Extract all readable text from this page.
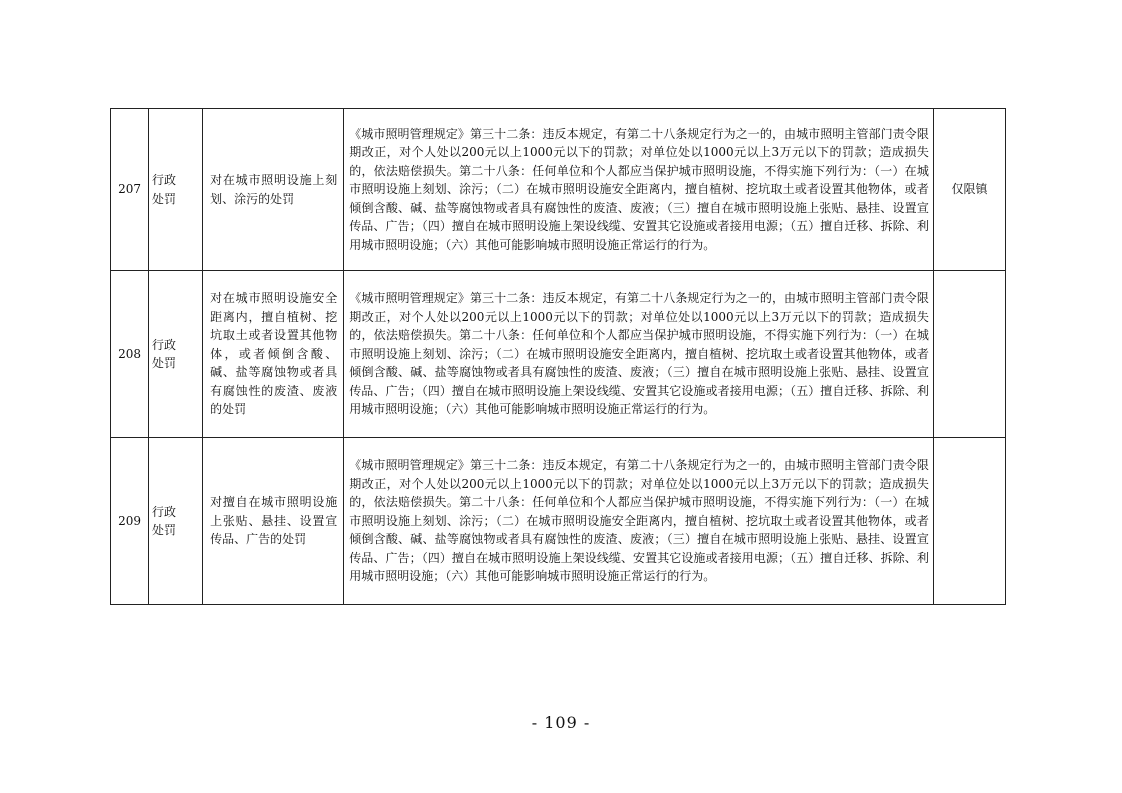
207	行政处罚	对在城市照明设施上刻划、涂污的处罚	《城市照明管理规定》第三十二条：违反本规定，有第二十八条规定行为之一的，由城市照明主管部门责令限期改正，对个人处以200元以上1000元以下的罚款；对单位处以1000元以上3万元以下的罚款；造成损失的，依法赔偿损失。第二十八条：任何单位和个人都应当保护城市照明设施，不得实施下列行为：（一）在城市照明设施上刻划、涂污；（二）在城市照明设施安全距离内，擅自植树、挖坑取土或者设置其他物体，或者倾倒含酸、碱、盐等腐蚀物或者具有腐蚀性的废渣、废液；（三）擅自在城市照明设施上张贴、悬挂、设置宣传品、广告；（四）擅自在城市照明设施上架设线缆、安置其它设施或者接用电源；（五）擅自迁移、拆除、利用城市照明设施；（六）其他可能影响城市照明设施正常运行的行为。	仅限镇

208	行政处罚	对在城市照明设施安全距离内，擅自植树、挖坑取土或者设置其他物体，或者倾倒含酸、碱、盐等腐蚀物或者具有腐蚀性的废渣、废液的处罚	《城市照明管理规定》第三十二条：违反本规定，有第二十八条规定行为之一的，由城市照明主管部门责令限期改正，对个人处以200元以上1000元以下的罚款；对单位处以1000元以上3万元以下的罚款；造成损失的，依法赔偿损失。第二十八条：任何单位和个人都应当保护城市照明设施，不得实施下列行为：（一）在城市照明设施上刻划、涂污；（二）在城市照明设施安全距离内，擅自植树、挖坑取土或者设置其他物体，或者倾倒含酸、碱、盐等腐蚀物或者具有腐蚀性的废渣、废液；（三）擅自在城市照明设施上张贴、悬挂、设置宣传品、广告；（四）擅自在城市照明设施上架设线缆、安置其它设施或者接用电源；（五）擅自迁移、拆除、利用城市照明设施；（六）其他可能影响城市照明设施正常运行的行为。	

209	行政处罚	对擅自在城市照明设施上张贴、悬挂、设置宣传品、广告的处罚	《城市照明管理规定》第三十二条：违反本规定，有第二十八条规定行为之一的，由城市照明主管部门责令限期改正，对个人处以200元以上1000元以下的罚款；对单位处以1000元以上3万元以下的罚款；造成损失的，依法赔偿损失。第二十八条：任何单位和个人都应当保护城市照明设施，不得实施下列行为：（一）在城市照明设施上刻划、涂污；（二）在城市照明设施安全距离内，擅自植树、挖坑取土或者设置其他物体，或者倾倒含酸、碱、盐等腐蚀物或者具有腐蚀性的废渣、废液；（三）擅自在城市照明设施上张贴、悬挂、设置宣传品、广告；（四）擅自在城市照明设施上架设线缆、安置其它设施或者接用电源；（五）擅自迁移、拆除、利用城市照明设施；（六）其他可能影响城市照明设施正常运行的行为。	

- 109 -
